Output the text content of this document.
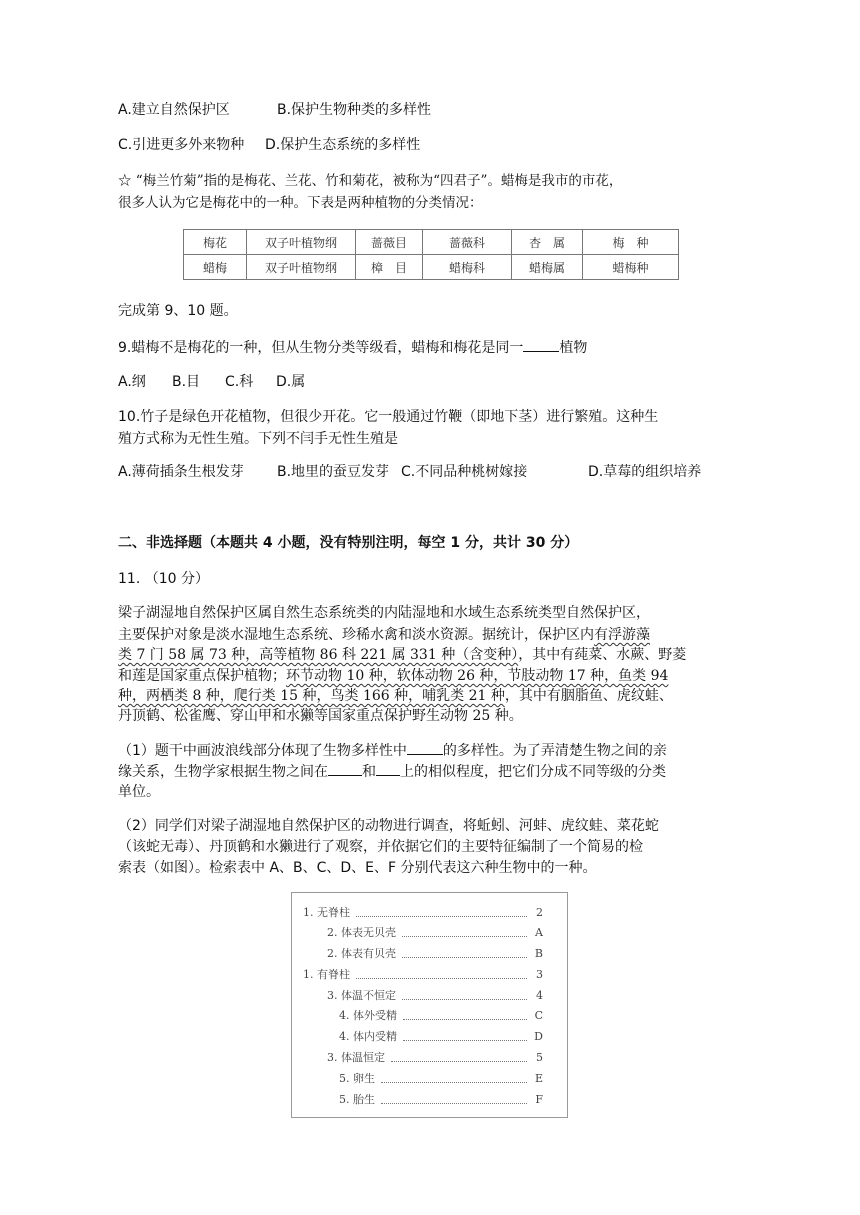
A.建立自然保护区	B.保护生物种类的多样性
C.引进更多外来物种 D.保护生态系统的多样性
☆ “梅兰竹菊”指的是梅花、兰花、竹和菊花，被称为“四君子”。蜡梅是我市的市花，
很多人认为它是梅花中的一种。下表是两种植物的分类情况：
梅花	双子叶植物纲	蔷薇目	蔷薇科	杏　属	梅　种
蜡梅	双子叶植物纲	樟　目	蜡梅科	蜡梅属	蜡梅种
完成第 9、10 题。
9.蜡梅不是梅花的一种，但从生物分类等级看，蜡梅和梅花是同一	植物
A.纲 B.目 C.科 D.属
10.竹子是绿色开花植物，但很少开花。它一般通过竹鞭（即地下茎）进行繁殖。这种生
殖方式称为无性生殖。下列不闫手无性生殖是
A.薄荷插条生根发芽 B.地里的蚕豆发芽 C.不同品种桃树嫁接	D.草莓的组织培养
二、非选择题（本题共 4 小题，没有特别注明，每空 1 分，共计 30 分）
11. （10 分）
梁子湖湿地自然保护区属自然生态系统类的内陆湿地和水域生态系统类型自然保护区，
主要保护对象是淡水湿地生态系统、珍稀水禽和淡水资源。据统计，保护区内有浮游藻
类 7 门 58 属 73 种，高等植物 86 科 221 属 331 种（含变种），其中有莼菜、水蕨、野菱
和莲是国家重点保护植物；环节动物 10 种，软体动物 26 种，节肢动物 17 种，鱼类 94
种，两栖类 8 种，爬行类 15 种，鸟类 166 种，哺乳类 21 种，其中有胭脂鱼、虎纹蛙、
丹顶鹤、松雀鹰、穿山甲和水獭等国家重点保护野生动物 25 种。
（1）题干中画波浪线部分体现了生物多样性中	的多样性。为了弄清楚生物之间的亲
缘关系，生物学家根据生物之间在 和 上的相似程度，把它们分成不同等级的分类
单位。
（2）同学们对梁子湖湿地自然保护区的动物进行调查，将蚯蚓、河蚌、虎纹蛙、菜花蛇
（该蛇无毒）、丹顶鹤和水獭进行了观察，并依据它们的主要特征编制了一个简易的检
索表（如图）。检索表中 A、B、C、D、E、F 分别代表这六种生物中的一种。
1. 无脊柱	2
2. 体表无贝壳	A
2. 体表有贝壳	B
1. 有脊柱	3
3. 体温不恒定	4
4. 体外受精	C
4. 体内受精	D
3. 体温恒定	5
5. 卵生	E
5. 胎生	F
